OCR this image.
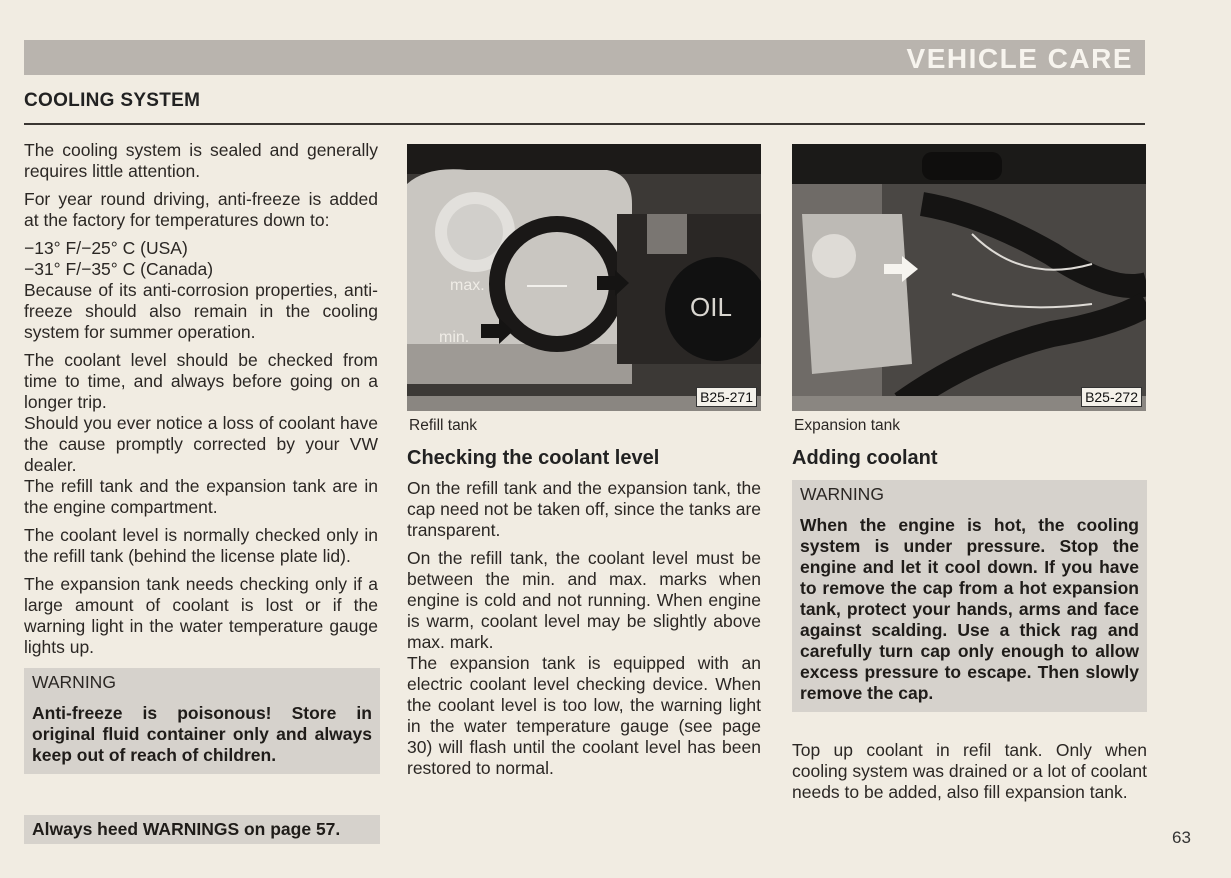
VEHICLE CARE
COOLING SYSTEM

The cooling system is sealed and generally requires little attention.

For year round driving, anti-freeze is added at the factory for temperatures down to:

−13° F/−25° C (USA)

−31° F/−35° C (Canada)

Because of its anti-corrosion properties, anti-freeze should also remain in the cooling system for summer operation.

The coolant level should be checked from time to time, and always before going on a longer trip.

Should you ever notice a loss of coolant have the cause promptly corrected by your VW dealer.

The refill tank and the expansion tank are in the engine compartment.

The coolant level is normally checked only in the refill tank (behind the license plate lid).

The expansion tank needs checking only if a large amount of coolant is lost or if the warning light in the water temperature gauge lights up.

WARNING
Anti-freeze is poisonous! Store in original fluid container only and always keep out of reach of children.
Always heed WARNINGS on page 57.
max.
min.
OIL
B25-271
Refill tank
Checking the coolant level

On the refill tank and the expansion tank, the cap need not be taken off, since the tanks are transparent.

On the refill tank, the coolant level must be between the min. and max. marks when engine is cold and not running. When engine is warm, coolant level may be slightly above max. mark.

The expansion tank is equipped with an electric coolant level checking device. When the coolant level is too low, the warning light in the water temperature gauge (see page 30) will flash until the coolant level has been restored to normal.

B25-272
Expansion tank
Adding coolant
WARNING
When the engine is hot, the cooling system is under pressure. Stop the engine and let it cool down. If you have to remove the cap from a hot expansion tank, protect your hands, arms and face against scalding. Use a thick rag and carefully turn cap only enough to allow excess pressure to escape. Then slowly remove the cap.

Top up coolant in refil tank. Only when cooling system was drained or a lot of coolant needs to be added, also fill expansion tank.

63
